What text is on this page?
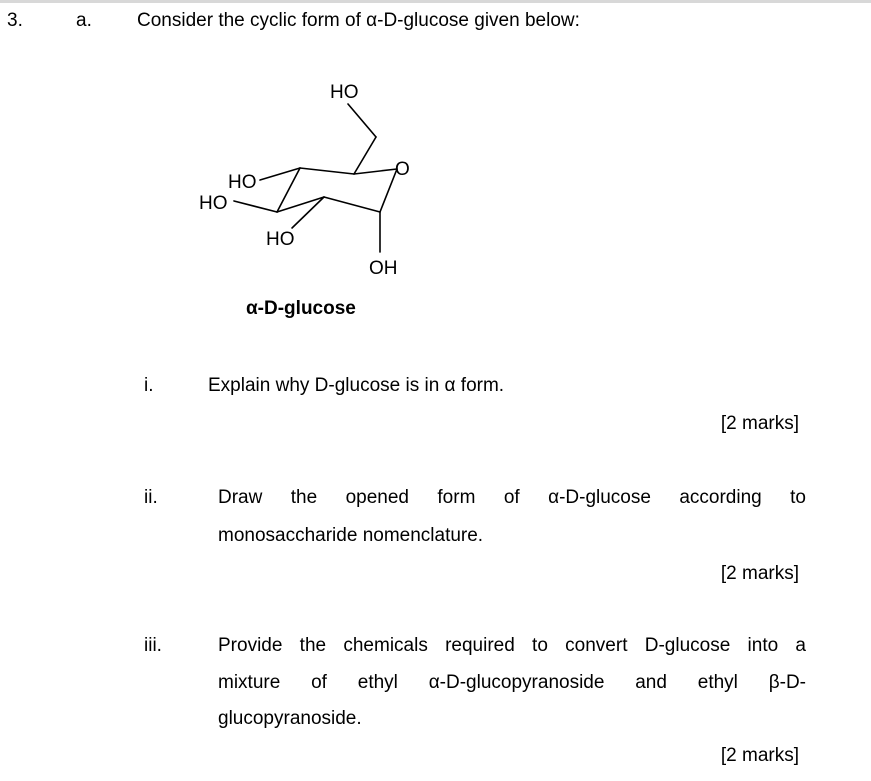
3.	a. Consider the cyclic form of α-D-glucose given below:
HO
O
HO
HO
HO
OH
α-D-glucose
i.	Explain why D-glucose is in α form.
[2 marks]
ii.	Draw the opened form of α-D-glucose according to
monosaccharide nomenclature.
[2 marks]
iii.	Provide the chemicals required to convert D-glucose into a
mixture of ethyl α-D-glucopyranoside and ethyl β-D-
glucopyranoside.
[2 marks]
